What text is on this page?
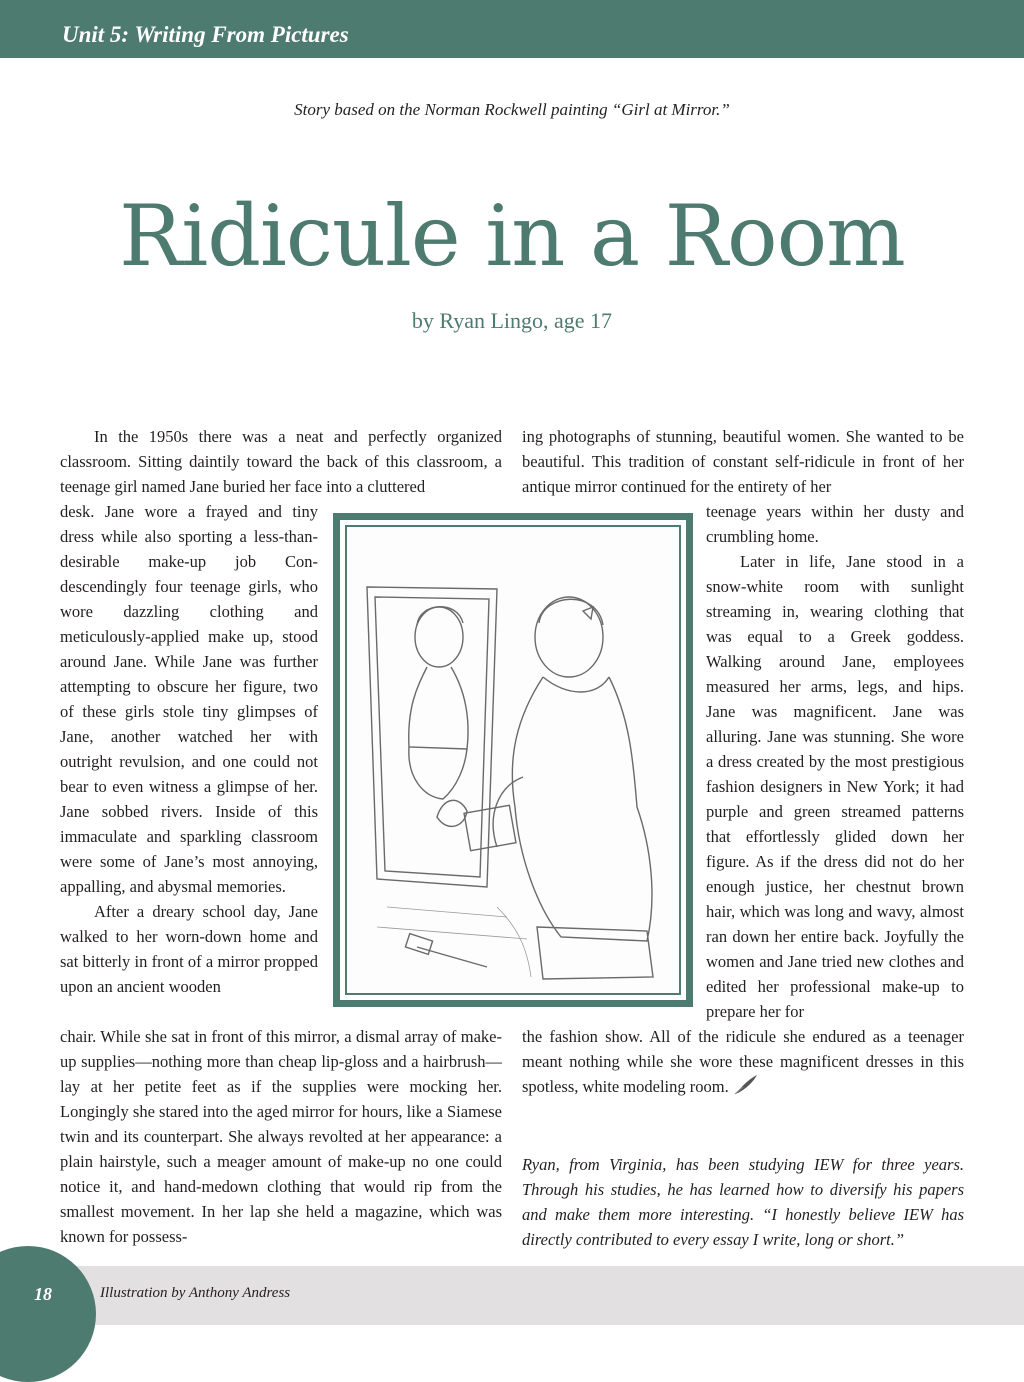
Unit 5: Writing From Pictures
Story based on the Norman Rockwell painting “Girl at Mirror.”
Ridicule in a Room
by Ryan Lingo, age 17

In the 1950s there was a neat and perfectly organized classroom. Sitting daintily toward the back of this classroom, a teenage girl named Jane buried her face into a cluttered

desk. Jane wore a frayed and tiny dress while also sporting a less-than-desirable make-up job Condescendingly four teenage girls, who wore dazzling clothing and meticulously-applied make up, stood around Jane. While Jane was further attempting to obscure her figure, two of these girls stole tiny glimpses of Jane, another watched her with outright revulsion, and one could not bear to even witness a glimpse of her. Jane sobbed rivers. Inside of this immaculate and sparkling classroom were some of Jane’s most annoying, appalling, and abysmal memories.

After a dreary school day, Jane walked to her worn-down home and sat bitterly in front of a mirror propped upon an ancient wooden

chair. While she sat in front of this mirror, a dismal array of make-up supplies—nothing more than cheap lip-gloss and a hairbrush—lay at her petite feet as if the supplies were mocking her. Longingly she stared into the aged mirror for hours, like a Siamese twin and its counterpart. She always revolted at her appearance: a plain hairstyle, such a meager amount of make-up no one could notice it, and hand-medown clothing that would rip from the smallest movement. In her lap she held a magazine, which was known for possess-

ing photographs of stunning, beautiful women. She wanted to be beautiful. This tradition of constant self-ridicule in front of her antique mirror continued for the entirety of her

teenage years within her dusty and crumbling home.

Later in life, Jane stood in a snow-white room with sunlight streaming in, wearing clothing that was equal to a Greek goddess. Walking around Jane, employees measured her arms, legs, and hips. Jane was magnificent. Jane was alluring. Jane was stunning. She wore a dress created by the most prestigious fashion designers in New York; it had purple and green streamed patterns that effortlessly glided down her figure. As if the dress did not do her enough justice, her chestnut brown hair, which was long and wavy, almost ran down her entire back. Joyfully the women and Jane tried new clothes and edited her professional make-up to prepare her for

the fashion show. All of the ridicule she endured as a teenager meant nothing while she wore these magnificent dresses in this spotless, white modeling room.

Ryan, from Virginia, has been studying IEW for three years. Through his studies, he has learned how to diversify his papers and make them more interesting. “I honestly believe IEW has directly contributed to every essay I write, long or short.”
18	Illustration by Anthony Andress
